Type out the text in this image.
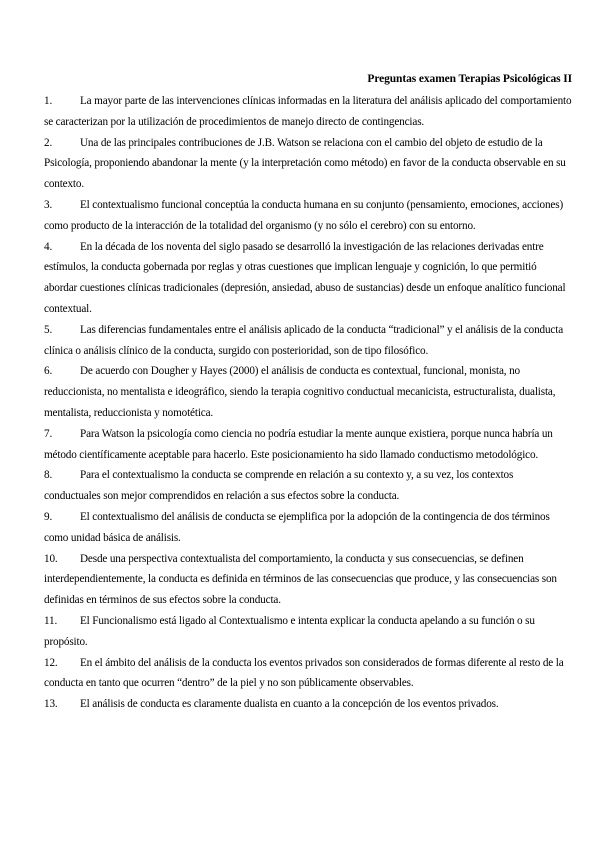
Preguntas examen Terapias Psicológicas II

1. La mayor parte de las intervenciones clínicas informadas en la literatura del análisis aplicado del comportamiento se caracterizan por la utilización de procedimientos de manejo directo de contingencias.

2. Una de las principales contribuciones de J.B. Watson se relaciona con el cambio del objeto de estudio de la Psicología, proponiendo abandonar la mente (y la interpretación como método) en favor de la conducta observable en su contexto.

3. El contextualismo funcional conceptúa la conducta humana en su conjunto (pensamiento, emociones, acciones) como producto de la interacción de la totalidad del organismo (y no sólo el cerebro) con su entorno.

4. En la década de los noventa del siglo pasado se desarrolló la investigación de las relaciones derivadas entre estímulos, la conducta gobernada por reglas y otras cuestiones que implican lenguaje y cognición, lo que permitió abordar cuestiones clínicas tradicionales (depresión, ansiedad, abuso de sustancias) desde un enfoque analítico funcional contextual.

5. Las diferencias fundamentales entre el análisis aplicado de la conducta “tradicional” y el análisis de la conducta clínica o análisis clínico de la conducta, surgido con posterioridad, son de tipo filosófico.

6. De acuerdo con Dougher y Hayes (2000) el análisis de conducta es contextual, funcional, monista, no reduccionista, no mentalista e ideográfico, siendo la terapia cognitivo conductual mecanicista, estructuralista, dualista, mentalista, reduccionista y nomotética.

7. Para Watson la psicología como ciencia no podría estudiar la mente aunque existiera, porque nunca habría un método científicamente aceptable para hacerlo. Este posicionamiento ha sido llamado conductismo metodológico.

8. Para el contextualismo la conducta se comprende en relación a su contexto y, a su vez, los contextos conductuales son mejor comprendidos en relación a sus efectos sobre la conducta.

9. El contextualismo del análisis de conducta se ejemplifica por la adopción de la contingencia de dos términos como unidad básica de análisis.

10. Desde una perspectiva contextualista del comportamiento, la conducta y sus consecuencias, se definen interdependientemente, la conducta es definida en términos de las consecuencias que produce, y las consecuencias son definidas en términos de sus efectos sobre la conducta.

11. El Funcionalismo está ligado al Contextualismo e intenta explicar la conducta apelando a su función o su propósito.

12. En el ámbito del análisis de la conducta los eventos privados son considerados de formas diferente al resto de la conducta en tanto que ocurren “dentro” de la piel y no son públicamente observables.

13. El análisis de conducta es claramente dualista en cuanto a la concepción de los eventos privados.
